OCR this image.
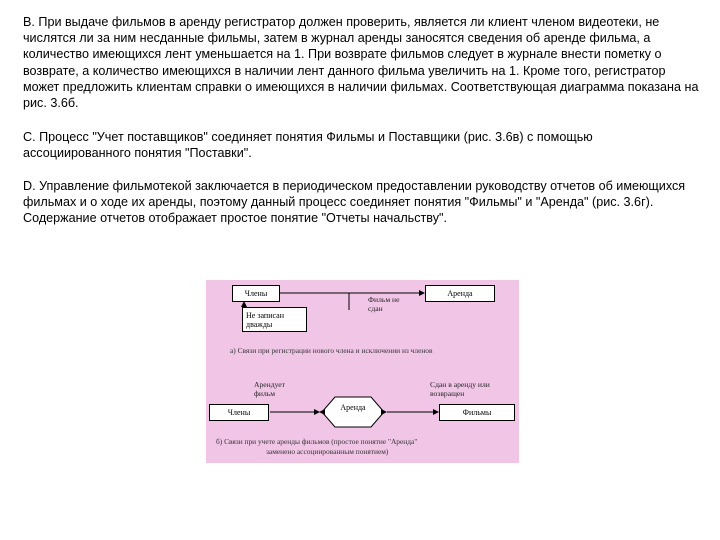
B. При выдаче фильмов в аренду регистратор должен проверить, является ли клиент членом видеотеки, не числятся ли за ним несданные фильмы, затем в журнал аренды заносятся сведения об аренде фильма, а количество имеющихся лент уменьшается на 1. При возврате фильмов следует в журнале внести пометку о возврате, а количество имеющихся в наличии лент данного фильма увеличить на 1. Кроме того, регистратор может предложить клиентам справки о имеющихся в наличии фильмах. Соответствующая диаграмма показана на рис. 3.6б.
C. Процесс "Учет поставщиков" соединяет понятия Фильмы и Поставщики (рис. 3.6в) с помощью ассоциированного понятия "Поставки".
D. Управление фильмотекой заключается в периодическом предоставлении руководству отчетов об имеющихся фильмах и о ходе их аренды, поэтому данный процесс соединяет понятия "Фильмы" и "Аренда" (рис. 3.6г). Содержание отчетов отображает простое понятие "Отчеты начальству".
Члены	Аренда
Не записан дважды
Фильм не сдан
а) Связи при регистрации нового члена и исключении из членов
Арендует фильм
Сдан в аренду или возвращен
Члены
Аренда
Фильмы
б) Связи при учете аренды фильмов (простое понятие "Аренда"
заменено ассоциированным понятием)
